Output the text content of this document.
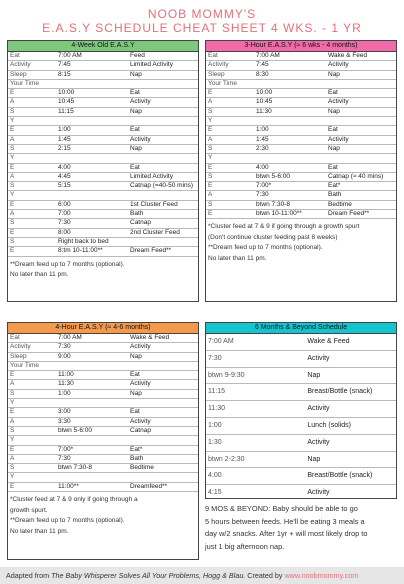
NOOB MOMMY'S
E.A.S.Y SCHEDULE CHEAT SHEET 4 WKS. - 1 YR
4-Week Old E.A.S.Y
Eat	7:00 AM	Feed
Activity	7:45	Limited Activity
Sleep	8:15	Nap
Your Time		
E	10:00	Eat
A	10:45	Activity
S	11:15	Nap
Y		
E	1:00	Eat
A	1:45	Activity
S	2:15	Nap
Y		
E	4:00	Eat
A	4:45	Limited Activity
S	5:15	Catnap (=40-50 mins)
Y		
E	6:00	1st Cluster Feed
A	7:00	Bath
S	7:30	Catnap
E	8:00	2nd Cluster Feed
S	Right back to bed	
E	8:tm 10-11:00**	Dream Feed**
**Dream feed up to 7 months (optional).
No later than 11 pm.
3-Hour E.A.S.Y (≈ 6 wks - 4 months)
Eat	7:00 AM	Wake & Feed
Activity	7:45	Activity
Sleep	8:30	Nap
Your Time		
E	10:00	Eat
A	10:45	Activity
S	11:30	Nap
Y		
E	1:00	Eat
A	1:45	Activity
S	2:30	Nap
Y		
E	4:00	Eat
S	btwn 5-6:00	Catnap (≈ 40 mins)
E	7:00*	Eat*
A	7:30	Bath
S	btwn 7:30-8	Bedtime
E	btwn 10-11:00**	Dream Feed**
*Cluster feed at 7 & 9 if going through a growth spurt
(Don't continue cluster feeding past 8 weeks)
**Dream feed up to 7 months (optional).
No later than 11 pm.
4-Hour E.A.S.Y (≈ 4-6 months)
Eat	7:00 AM	Wake & Feed
Activity	7:30	Activity
Sleep	9:00	Nap
Your Time		
E	11:00	Eat
A	11:30	Activity
S	1:00	Nap
Y		
E	3:00	Eat
A	3:30	Activity
S	btwn 5-6:00	Catnap
Y		
E	7:00*	Eat*
A	7:30	Bath
S	btwn 7:30-8	Bedtime
Y		
E	11:00**	Dreamfeed**
*Cluster feed at 7 & 9 only if going through a
growth spurt.
**Dream feed up to 7 months (optional).
No later than 11 pm.
6 Months & Beyond Schedule
7:00 AM	Wake & Feed
7:30	Activity
btwn 9-9:30	Nap
11:15	Breast/Bottle (snack)
11:30	Activity
1:00	Lunch (solids)
1:30	Activity
btwn 2-2:30	Nap
4:00	Breast/Bottle (snack)
4:15	Activity

9 MOS & BEYOND: Baby should be able to go
5 hours between feeds. He'll be eating 3 meals a
day w/2 snacks. After 1yr + will most likely drop to
just 1 big afternoon nap.
Adapted from The Baby Whisperer Solves All Your Problems, Hogg & Blau. Created by www.noobmommy.com
